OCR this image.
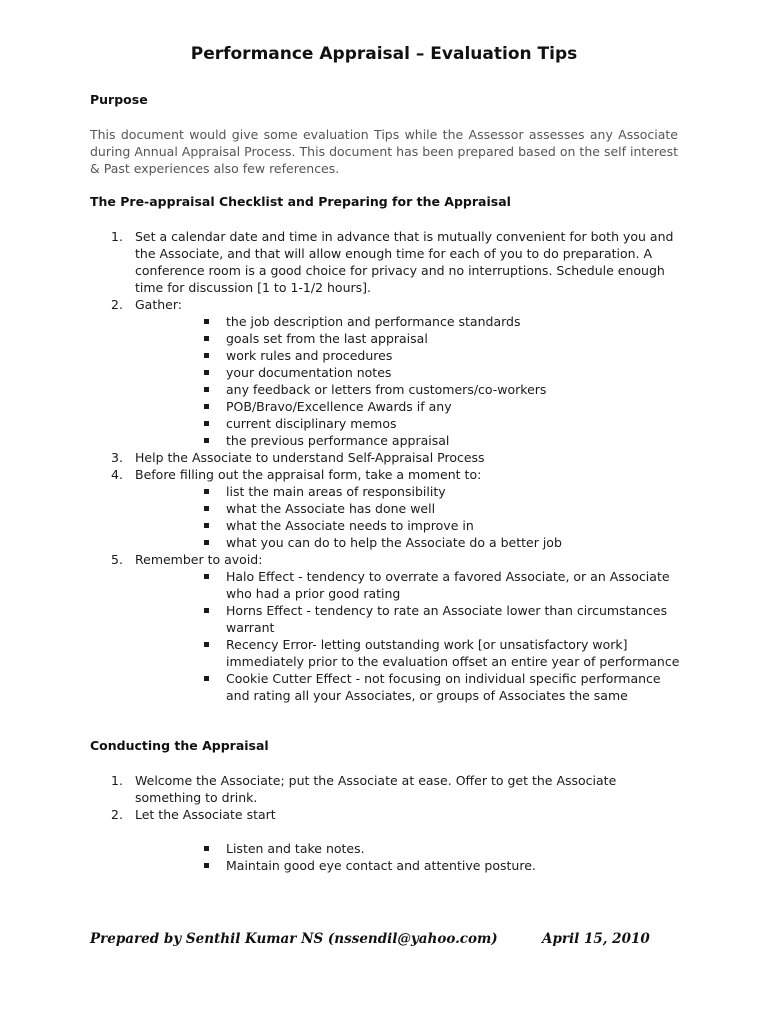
Performance Appraisal – Evaluation Tips
Purpose
This document would give some evaluation Tips while the Assessor assesses any Associate during Annual Appraisal Process. This document has been prepared based on the self interest & Past experiences also few references.
The Pre-appraisal Checklist and Preparing for the Appraisal
1. Set a calendar date and time in advance that is mutually convenient for both you and the Associate, and that will allow enough time for each of you to do preparation. A conference room is a good choice for privacy and no interruptions. Schedule enough time for discussion [1 to 1-1/2 hours].
2. Gather:
the job description and performance standards
goals set from the last appraisal
work rules and procedures
your documentation notes
any feedback or letters from customers/co-workers
POB/Bravo/Excellence Awards if any
current disciplinary memos
the previous performance appraisal
3. Help the Associate to understand Self-Appraisal Process
4. Before filling out the appraisal form, take a moment to:
list the main areas of responsibility
what the Associate has done well
what the Associate needs to improve in
what you can do to help the Associate do a better job
5. Remember to avoid:
Halo Effect - tendency to overrate a favored Associate, or an Associate who had a prior good rating
Horns Effect - tendency to rate an Associate lower than circumstances warrant
Recency Error- letting outstanding work [or unsatisfactory work] immediately prior to the evaluation offset an entire year of performance
Cookie Cutter Effect - not focusing on individual specific performance and rating all your Associates, or groups of Associates the same
Conducting the Appraisal
1. Welcome the Associate; put the Associate at ease. Offer to get the Associate something to drink.
2. Let the Associate start
Listen and take notes.
Maintain good eye contact and attentive posture.
Prepared by Senthil Kumar NS (nssendil@yahoo.com)	April 15, 2010
